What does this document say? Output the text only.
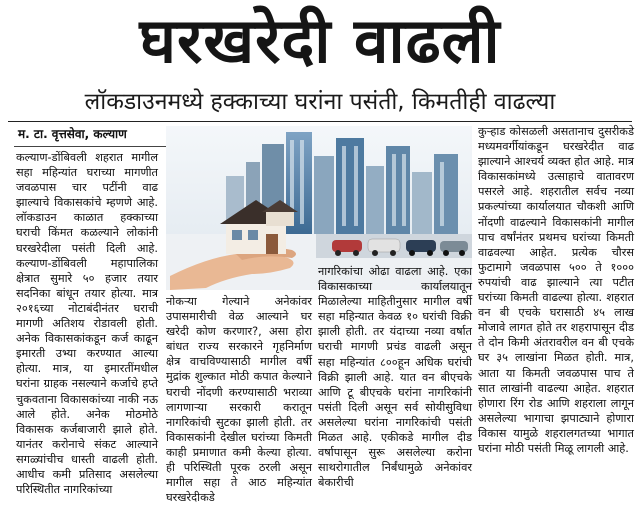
घरखरेदी वाढली
लॉकडाउनमध्ये हक्काच्या घरांना पसंती, किमतीही वाढल्या
म. टा. वृत्तसेवा, कल्याण
कल्याण-डोंबिवली शहरात मागील सहा महिन्यांत घराच्या मागणीत जवळपास चार पटींनी वाढ झाल्याचे विकासकांचे म्हणणे आहे. लॉकडाउन काळात हक्काच्या घराची किंमत कळल्याने लोकांनी घरखरेदीला पसंती दिली आहे. कल्याण-डोंबिवली महापालिका क्षेत्रात सुमारे ५० हजार तयार सदनिका बांधून तयार होत्या. मात्र २०१६च्या नोटाबंदीनंतर घराची मागणी अतिशय रोडावली होती. अनेक विकासकांकडून कर्ज काढून इमारती उभ्या करण्यात आल्या होत्या. मात्र, या इमारतींमधील घरांना ग्राहक नसल्याने कर्जाचे हप्ते चुकवताना विकासकांच्या नाकी नऊ आले होते. अनेक मोठमोठे विकासक कर्जबाजारी झाले होते. यानंतर करोनाचे संकट आल्याने सगळ्यांचीच धास्ती वाढली होती. आधीच कमी प्रतिसाद असलेल्या परिस्थितीत नागरिकांच्या
नोकऱ्या गेल्याने अनेकांवर उपासमारीची वेळ आल्याने घर खरेदी कोण करणार?, असा होरा बांधत राज्य सरकारने गृहनिर्माण क्षेत्र वाचविण्यासाठी मागील वर्षी मुद्रांक शुल्कात मोठी कपात केल्याने घराची नोंदणी करण्यासाठी भराव्या लागणाऱ्या सरकारी करातून नागरिकांची सुटका झाली होती. तर विकासकांनी देखील घरांच्या किमती काही प्रमाणात कमी केल्या होत्या. ही परिस्थिती पूरक ठरली असून मागील सहा ते आठ महिन्यांत घरखरेदीकडे
नागरिकांचा ओढा वाढला आहे. एका विकासकाच्या कार्यालयातून मिळालेल्या माहितीनुसार मागील वर्षी सहा महिन्यात केवळ १० घरांची विक्री झाली होती. तर यंदाच्या नव्या वर्षात घराची मागणी प्रचंड वाढली असून सहा महिन्यांत ८००हून अधिक घरांची विक्री झाली आहे. यात वन बीएचके आणि टू बीएचके घरांना नागरिकांनी पसंती दिली असून सर्व सोयीसुविधा असलेल्या घरांना नागरिकांची पसंती मिळत आहे. एकीकडे मागील दीड वर्षापासून सुरू असलेल्या करोना साथरोगातील निर्बंधामुळे अनेकांवर बेकारीची
कुऱ्हाड कोसळली असतानाच दुसरीकडे मध्यमवर्गीयांकडून घरखरेदीत वाढ झाल्याने आश्चर्य व्यक्त होत आहे. मात्र विकासकांमध्ये उत्साहाचे वातावरण पसरले आहे. शहरातील सर्वच नव्या प्रकल्पांच्या कार्यालयात चौकशी आणि नोंदणी वाढल्याने विकासकांनी मागील पाच वर्षांनंतर प्रथमच घरांच्या किमती वाढवल्या आहेत. प्रत्येक चौरस फुटामागे जवळपास ५०० ते १००० रुपयांची वाढ झाल्याने त्या पटीत घरांच्या किमती वाढल्या होत्या. शहरात वन बी एचके घरासाठी ४५ लाख मोजावे लागत होते तर शहरापासून दीड ते दोन किमी अंतरावरील वन बी एचके घर ३५ लाखांना मिळत होती. मात्र, आता या किमती जवळपास पाच ते सात लाखांनी वाढल्या आहेत. शहरात होणारा रिंग रोड आणि शहराला लागून असलेल्या भागाचा झपाट्याने होणारा विकास यामुळे शहरालगतच्या भागात घरांना मोठी पसंती मिळू लागली आहे.
